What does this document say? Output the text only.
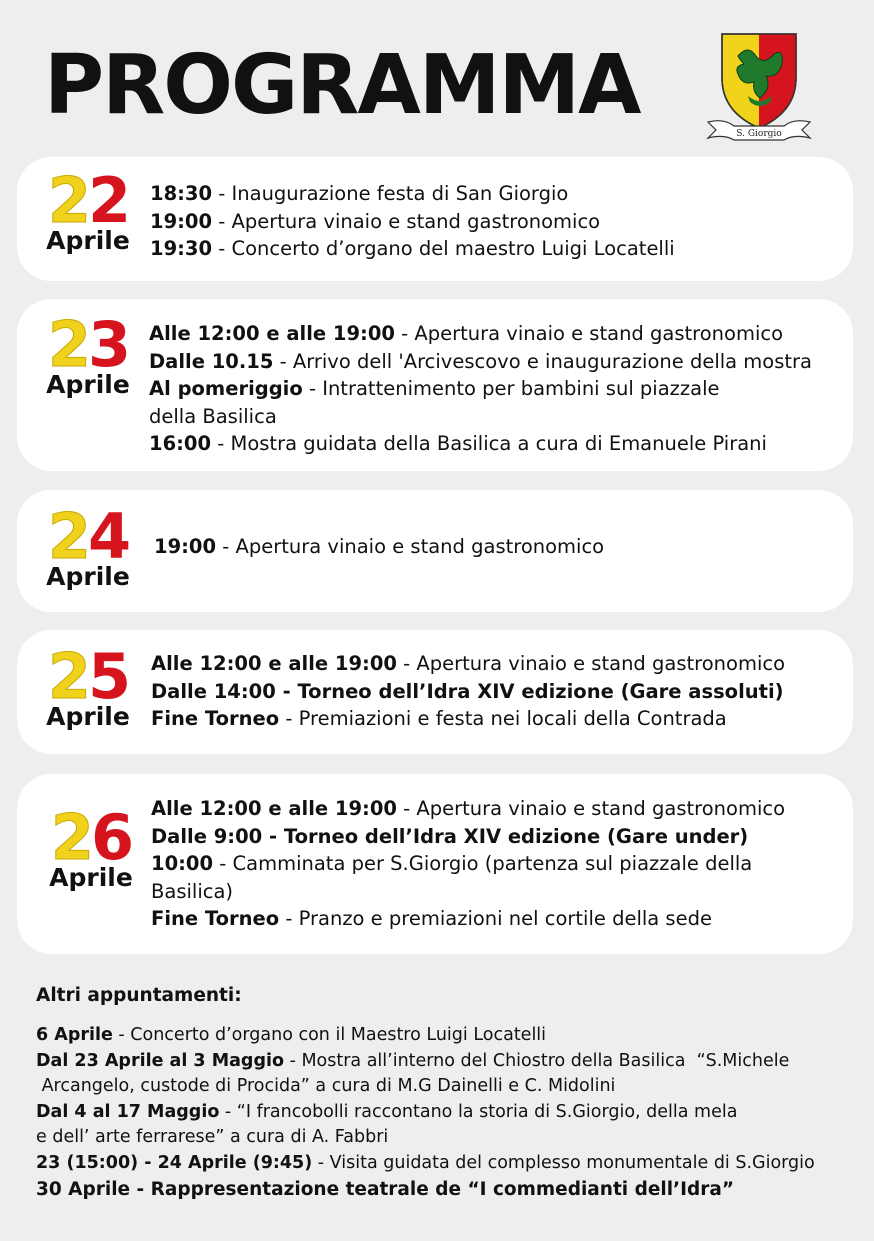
PROGRAMMA
S. Giorgio
22
Aprile
18:30 - Inaugurazione festa di San Giorgio
19:00 - Apertura vinaio e stand gastronomico
19:30 - Concerto d’organo del maestro Luigi Locatelli
23
Aprile
Alle 12:00 e alle 19:00 - Apertura vinaio e stand gastronomico
Dalle 10.15 - Arrivo dell 'Arcivescovo e inaugurazione della mostra
Al pomeriggio - Intrattenimento per bambini sul piazzale
della Basilica
16:00 - Mostra guidata della Basilica a cura di Emanuele Pirani
24
Aprile
19:00 - Apertura vinaio e stand gastronomico
25
Aprile
Alle 12:00 e alle 19:00 - Apertura vinaio e stand gastronomico
Dalle 14:00 - Torneo dell’Idra XIV edizione (Gare assoluti)
Fine Torneo - Premiazioni e festa nei locali della Contrada
26
Aprile
Alle 12:00 e alle 19:00 - Apertura vinaio e stand gastronomico
Dalle 9:00 - Torneo dell’Idra XIV edizione (Gare under)
10:00 - Camminata per S.Giorgio (partenza sul piazzale della
Basilica)
Fine Torneo - Pranzo e premiazioni nel cortile della sede
Altri appuntamenti:
6 Aprile - Concerto d’organo con il Maestro Luigi Locatelli
Dal 23 Aprile al 3 Maggio - Mostra all’interno del Chiostro della Basilica  “S.Michele
Arcangelo, custode di Procida” a cura di M.G Dainelli e C. Midolini
Dal 4 al 17 Maggio - “I francobolli raccontano la storia di S.Giorgio, della mela
e dell’ arte ferrarese” a cura di A. Fabbri
23 (15:00) - 24 Aprile (9:45) - Visita guidata del complesso monumentale di S.Giorgio
30 Aprile - Rappresentazione teatrale de “I commedianti dell’Idra”
